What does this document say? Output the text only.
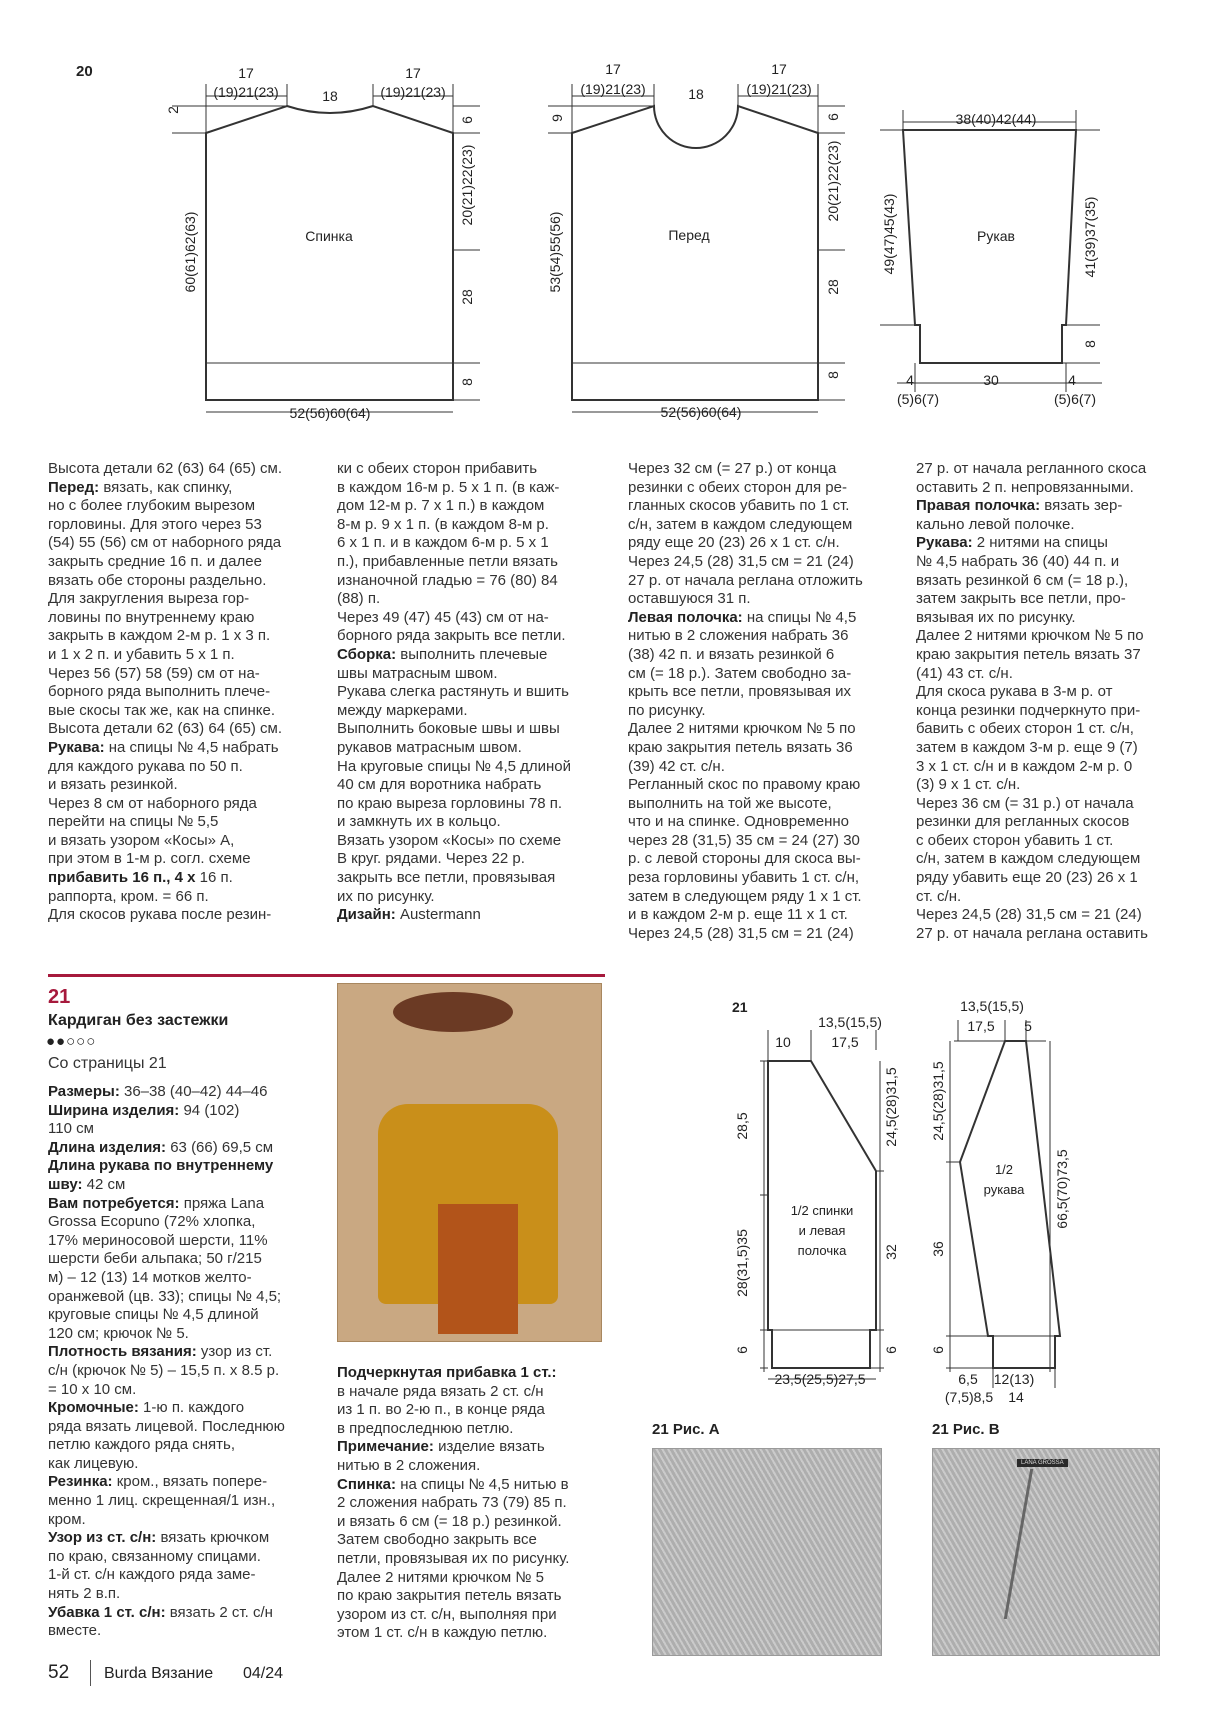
20	17
(19)21(23)	18
17
(19)21(23)
2
6
20(21)22(23)
28
8
60(61)62(63)	Спинка
52(56)60(64)
17
(19)21(23)	18
17
(19)21(23)
9	6
20(21)22(23)
28
8
53(54)55(56)	Перед
52(56)60(64)
38(40)42(44)
49(47)45(43)	41(39)37(35)
8
Рукав
4	30	4
(5)6(7)	(5)6(7)

Высота детали 62 (63) 64 (65) см.

Перед: вязать, как спинку,

но с более глубоким вырезом

горловины. Для этого через 53

(54) 55 (56) см от наборного ряда

закрыть средние 16 п. и далее

вязать обе стороны раздельно.

Для закругления выреза гор-

ловины по внутреннему краю

закрыть в каждом 2-м р. 1 х 3 п.

и 1 х 2 п. и убавить 5 х 1 п.

Через 56 (57) 58 (59) см от на-

борного ряда выполнить плече-

вые скосы так же, как на спинке.

Высота детали 62 (63) 64 (65) см.

Рукава: на спицы № 4,5 набрать

для каждого рукава по 50 п.

и вязать резинкой.

Через 8 см от наборного ряда

перейти на спицы № 5,5

и вязать узором «Косы» А,

при этом в 1-м р. согл. схеме

прибавить 16 п., 4 х 16 п.

раппорта, кром. = 66 п.

Для скосов рукава после резин-

ки с обеих сторон прибавить

в каждом 16-м р. 5 х 1 п. (в каж-

дом 12-м р. 7 х 1 п.) в каждом

8-м р. 9 х 1 п. (в каждом 8-м р.

6 х 1 п. и в каждом 6-м р. 5 х 1

п.), прибавленные петли вязать

изнаночной гладью = 76 (80) 84

(88) п.

Через 49 (47) 45 (43) см от на-

борного ряда закрыть все петли.

Сборка: выполнить плечевые

швы матрасным швом.

Рукава слегка растянуть и вшить

между маркерами.

Выполнить боковые швы и швы

рукавов матрасным швом.

На круговые спицы № 4,5 длиной

40 см для воротника набрать

по краю выреза горловины 78 п.

и замкнуть их в кольцо.

Вязать узором «Косы» по схеме

В круг. рядами. Через 22 р.

закрыть все петли, провязывая

их по рисунку.

Дизайн: Austermann

Через 32 см (= 27 р.) от конца

резинки с обеих сторон для ре-

гланных скосов убавить по 1 ст.

с/н, затем в каждом следующем

ряду еще 20 (23) 26 х 1 ст. с/н.

Через 24,5 (28) 31,5 см = 21 (24)

27 р. от начала реглана отложить

оставшуюся 31 п.

Левая полочка: на спицы № 4,5

нитью в 2 сложения набрать 36

(38) 42 п. и вязать резинкой 6

см (= 18 р.). Затем свободно за-

крыть все петли, провязывая их

по рисунку.

Далее 2 нитями крючком № 5 по

краю закрытия петель вязать 36

(39) 42 ст. с/н.

Регланный скос по правому краю

выполнить на той же высоте,

что и на спинке. Одновременно

через 28 (31,5) 35 см = 24 (27) 30

р. с левой стороны для скоса вы-

реза горловины убавить 1 ст. с/н,

затем в следующем ряду 1 х 1 ст.

и в каждом 2-м р. еще 11 х 1 ст.

Через 24,5 (28) 31,5 см = 21 (24)

27 р. от начала регланного скоса

оставить 2 п. непровязанными.

Правая полочка: вязать зер-

кально левой полочке.

Рукава: 2 нитями на спицы

№ 4,5 набрать 36 (40) 44 п. и

вязать резинкой 6 см (= 18 р.),

затем закрыть все петли, про-

вязывая их по рисунку.

Далее 2 нитями крючком № 5 по

краю закрытия петель вязать 37

(41) 43 ст. с/н.

Для скоса рукава в 3-м р. от

конца резинки подчеркнуто при-

бавить с обеих сторон 1 ст. с/н,

затем в каждом 3-м р. еще 9 (7)

3 х 1 ст. с/н и в каждом 2-м р. 0

(3) 9 х 1 ст. с/н.

Через 36 см (= 31 р.) от начала

резинки для регланных скосов

с обеих сторон убавить 1 ст.

с/н, затем в каждом следующем

ряду убавить еще 20 (23) 26 х 1

ст. с/н.

Через 24,5 (28) 31,5 см = 21 (24)

27 р. от начала реглана оставить

21
Кардиган без застежки
●●○○○
Со страницы 21

Размеры: 36–38 (40–42) 44–46

Ширина изделия: 94 (102)

110 см

Длина изделия: 63 (66) 69,5 см

Длина рукава по внутреннему

шву: 42 см

Вам потребуется: пряжа Lana

Grossa Ecopuno (72% хлопка,

17% мериносовой шерсти, 11%

шерсти беби альпака; 50 г/215

м) – 12 (13) 14 мотков желто-

оранжевой (цв. 33); спицы № 4,5;

круговые спицы № 4,5 длиной

120 см; крючок № 5.

Плотность вязания: узор из ст.

с/н (крючок № 5) – 15,5 п. х 8.5 р.

= 10 х 10 см.

Кромочные: 1-ю п. каждого

ряда вязать лицевой. Последнюю

петлю каждого ряда снять,

как лицевую.

Резинка: кром., вязать попере-

менно 1 лиц. скрещенная/1 изн.,

кром.

Узор из ст. с/н: вязать крючком

по краю, связанному спицами.

1-й ст. с/н каждого ряда заме-

нять 2 в.п.

Убавка 1 ст. с/н: вязать 2 ст. с/н

вместе.

Подчеркнутая прибавка 1 ст.:

в начале ряда вязать 2 ст. с/н

из 1 п. во 2-ю п., в конце ряда

в предпоследнюю петлю.

Примечание: изделие вязать

нитью в 2 сложения.

Спинка: на спицы № 4,5 нитью в

2 сложения набрать 73 (79) 85 п.

и вязать 6 см (= 18 р.) резинкой.

Затем свободно закрыть все

петли, провязывая их по рисунку.

Далее 2 нитями крючком № 5

по краю закрытия петель вязать

узором из ст. с/н, выполняя при

этом 1 ст. с/н в каждую петлю.

21
13,5(15,5)
10	17,5
28,5	24,5(28)31,5
28(31,5)35	32
6	6
1/2 спинки
и левая
полочка
23,5(25,5)27,5
13,5(15,5)
17,5 5
24,5(28)31,5
36
6
66,5(70)73,5
1/2
рукава
6,5
(7,5)8,5
12(13)
14
21 Рис. А	21 Рис. В
LANA GROSSA
52 Burda Вязание 04/24
